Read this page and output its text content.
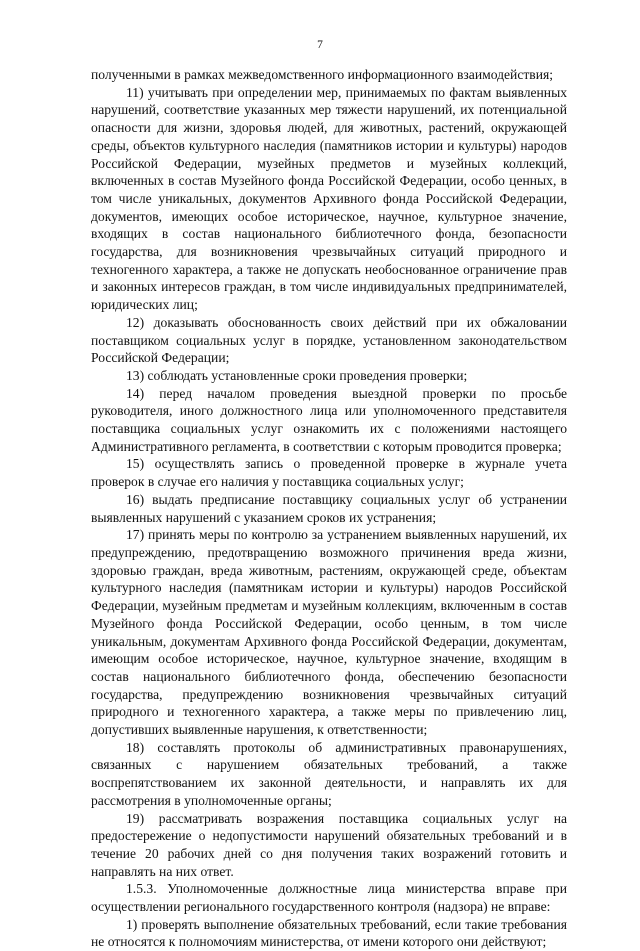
7

полученными в рамках межведомственного информационного взаимодействия;

11) учитывать при определении мер, принимаемых по фактам выявленных нарушений, соответствие указанных мер тяжести нарушений, их потенциальной опасности для жизни, здоровья людей, для животных, растений, окружающей среды, объектов культурного наследия (памятников истории и культуры) народов Российской Федерации, музейных предметов и музейных коллекций, включенных в состав Музейного фонда Российской Федерации, особо ценных, в том числе уникальных, документов Архивного фонда Российской Федерации, документов, имеющих особое историческое, научное, культурное значение, входящих в состав национального библиотечного фонда, безопасности государства, для возникновения чрезвычайных ситуаций природного и техногенного характера, а также не допускать необоснованное ограничение прав и законных интересов граждан, в том числе индивидуальных предпринимателей, юридических лиц;

12) доказывать обоснованность своих действий при их обжаловании поставщиком социальных услуг в порядке, установленном законодательством Российской Федерации;

13) соблюдать установленные сроки проведения проверки;

14) перед началом проведения выездной проверки по просьбе руководителя, иного должностного лица или уполномоченного представителя поставщика социальных услуг ознакомить их с положениями настоящего Административного регламента, в соответствии с которым проводится проверка;

15) осуществлять запись о проведенной проверке в журнале учета проверок в случае его наличия у поставщика социальных услуг;

16) выдать предписание поставщику социальных услуг об устранении выявленных нарушений с указанием сроков их устранения;

17) принять меры по контролю за устранением выявленных нарушений, их предупреждению, предотвращению возможного причинения вреда жизни, здоровью граждан, вреда животным, растениям, окружающей среде, объектам культурного наследия (памятникам истории и культуры) народов Российской Федерации, музейным предметам и музейным коллекциям, включенным в состав Музейного фонда Российской Федерации, особо ценным, в том числе уникальным, документам Архивного фонда Российской Федерации, документам, имеющим особое историческое, научное, культурное значение, входящим в состав национального библиотечного фонда, обеспечению безопасности государства, предупреждению возникновения чрезвычайных ситуаций природного и техногенного характера, а также меры по привлечению лиц, допустивших выявленные нарушения, к ответственности;

18) составлять протоколы об административных правонарушениях, связанных с нарушением обязательных требований, а также воспрепятствованием их законной деятельности, и направлять их для рассмотрения в уполномоченные органы;

19) рассматривать возражения поставщика социальных услуг на предостережение о недопустимости нарушений обязательных требований и в течение 20 рабочих дней со дня получения таких возражений готовить и направлять на них ответ.

1.5.3. Уполномоченные должностные лица министерства вправе при осуществлении регионального государственного контроля (надзора) не вправе:

1) проверять выполнение обязательных требований, если такие требования не относятся к полномочиям министерства, от имени которого они действуют;
